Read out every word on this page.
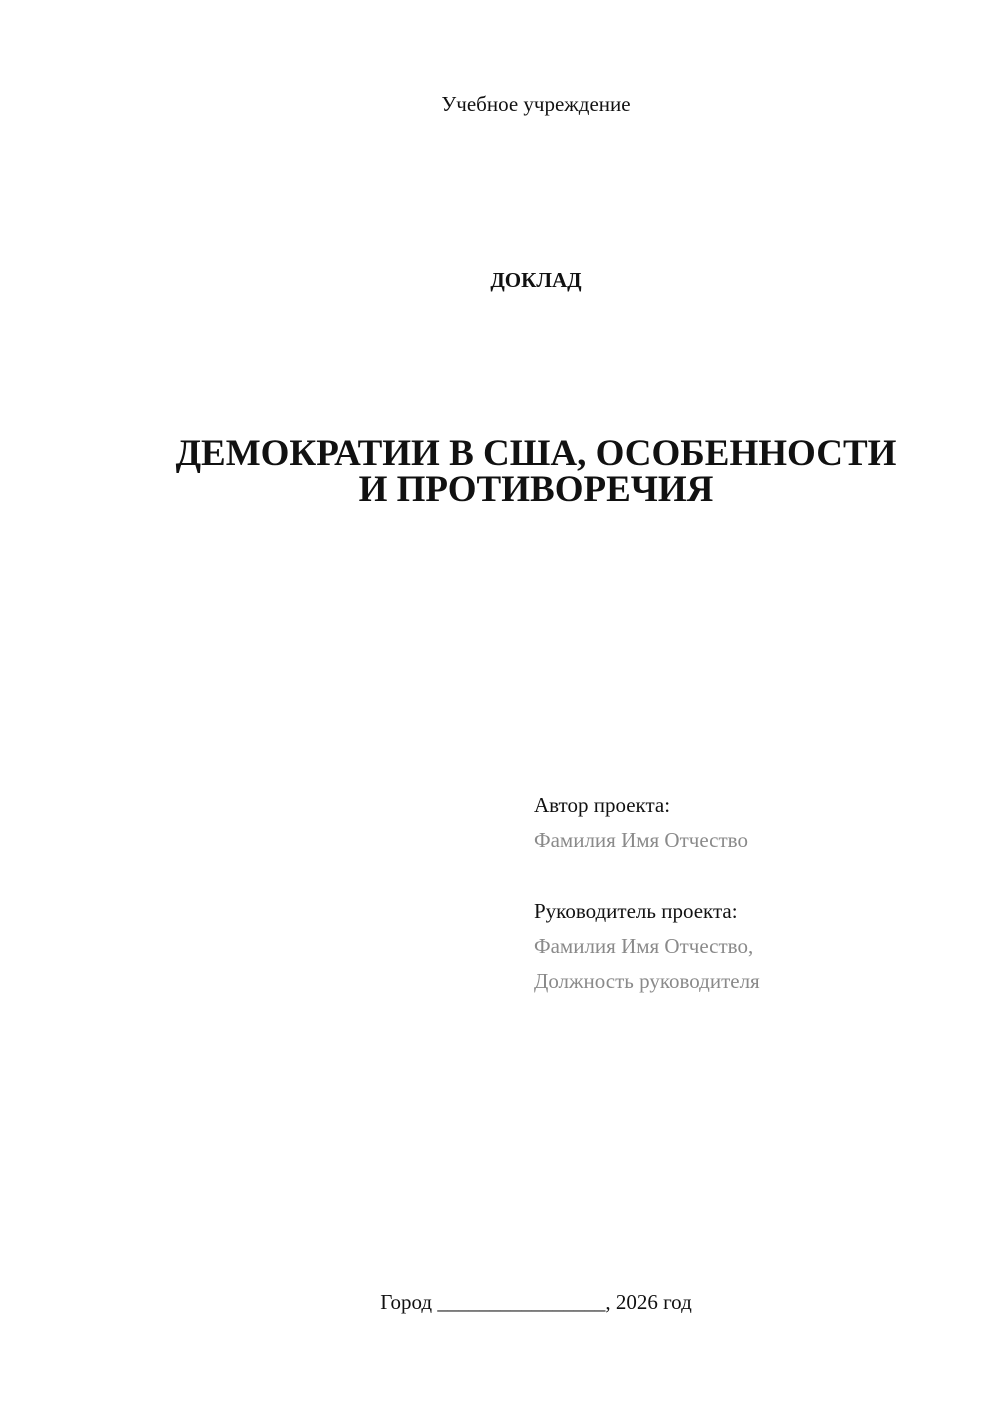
Учебное учреждение
ДОКЛАД
ДЕМОКРАТИИ В США, ОСОБЕННОСТИ
И ПРОТИВОРЕЧИЯ
Автор проекта:
Фамилия Имя Отчество
Руководитель проекта:
Фамилия Имя Отчество,
Должность руководителя
Город ________________, 2026 год
